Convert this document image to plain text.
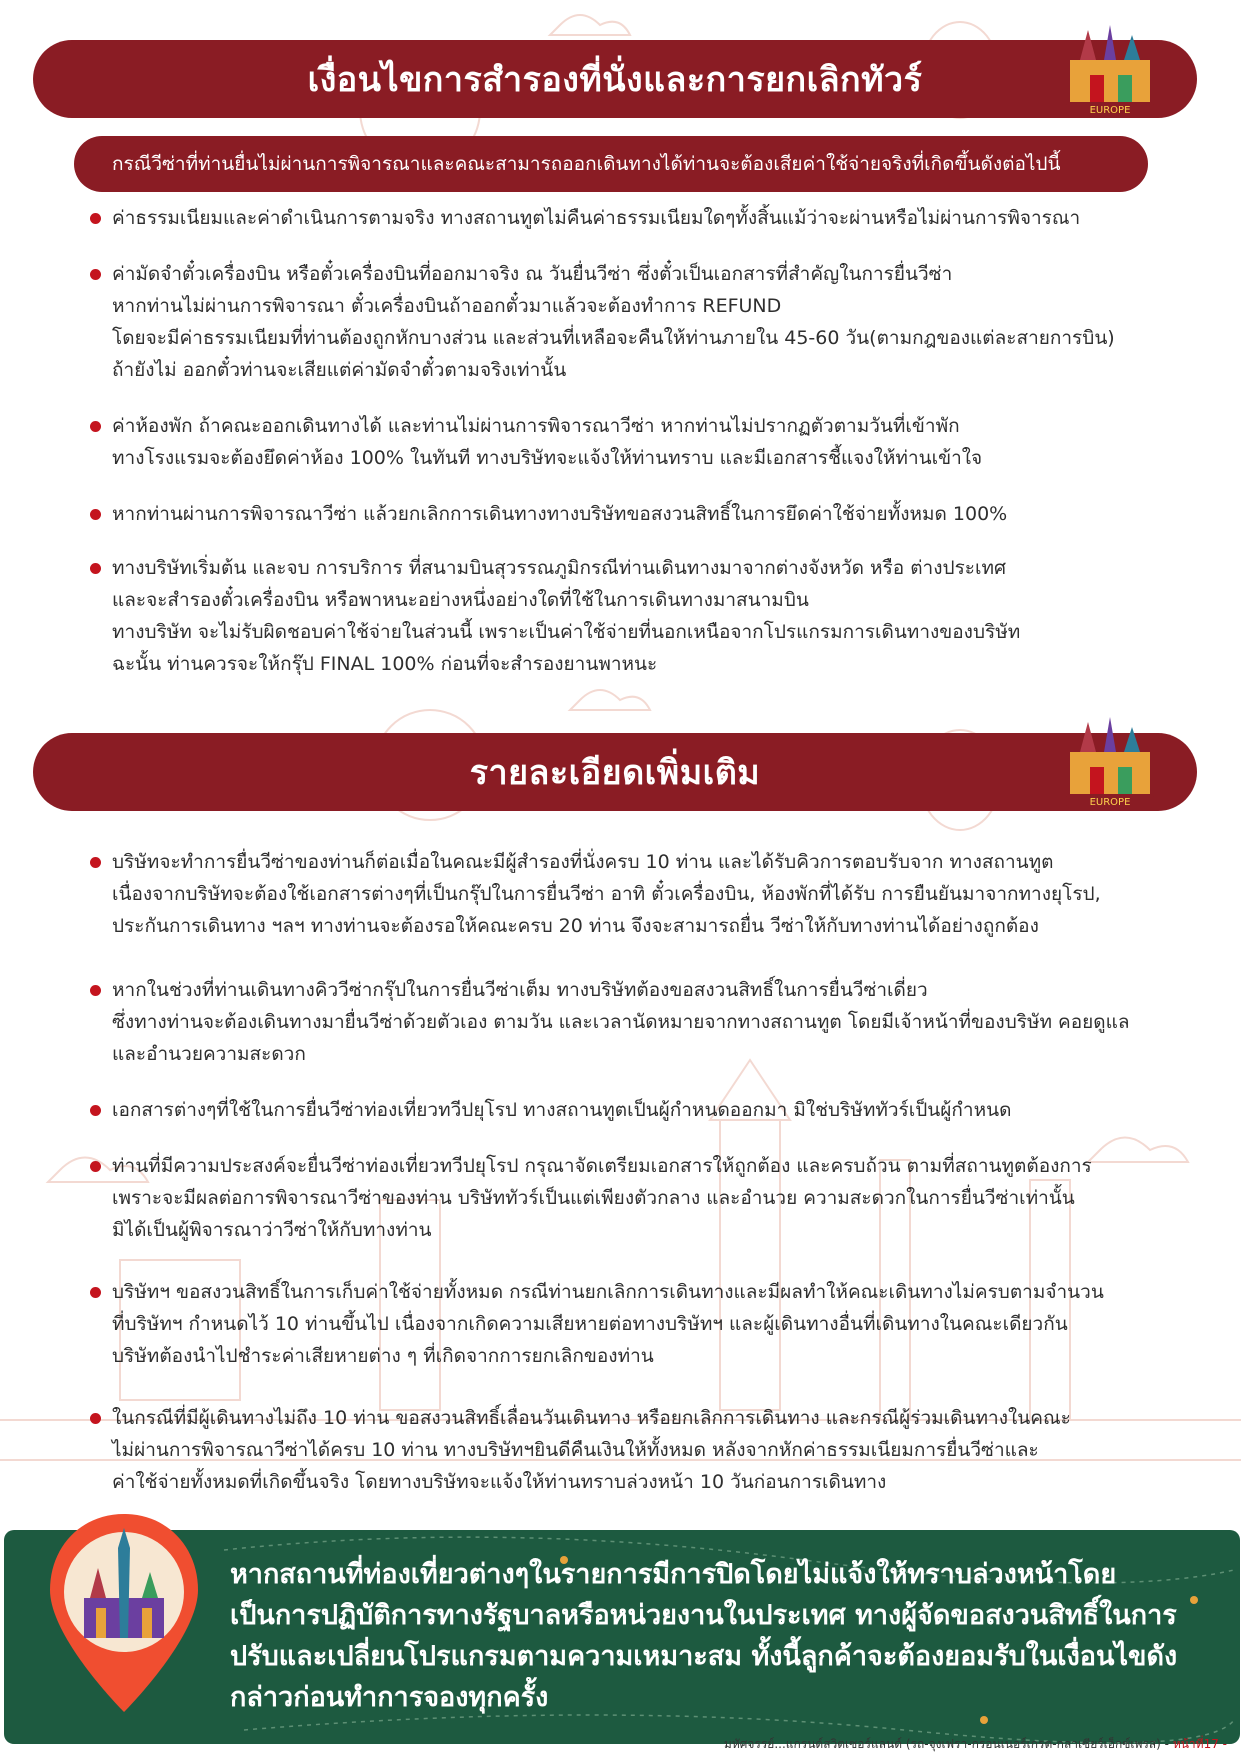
เงื่อนไขการสำรองที่นั่งและการยกเลิกทัวร์
EUROPE
กรณีวีซ่าที่ท่านยื่นไม่ผ่านการพิจารณาและคณะสามารถออกเดินทางได้ท่านจะต้องเสียค่าใช้จ่ายจริงที่เกิดขึ้นดังต่อไปนี้
ค่าธรรมเนียมและค่าดำเนินการตามจริง ทางสถานทูตไม่คืนค่าธรรมเนียมใดๆทั้งสิ้นแม้ว่าจะผ่านหรือไม่ผ่านการพิจารณา
ค่ามัดจำตั๋วเครื่องบิน หรือตั๋วเครื่องบินที่ออกมาจริง ณ วันยื่นวีซ่า ซึ่งตั๋วเป็นเอกสารที่สำคัญในการยื่นวีซ่า
หากท่านไม่ผ่านการพิจารณา ตั๋วเครื่องบินถ้าออกตั๋วมาแล้วจะต้องทำการ REFUND
โดยจะมีค่าธรรมเนียมที่ท่านต้องถูกหักบางส่วน และส่วนที่เหลือจะคืนให้ท่านภายใน 45-60 วัน(ตามกฎของแต่ละสายการบิน)
ถ้ายังไม่ ออกตั๋วท่านจะเสียแต่ค่ามัดจำตั๋วตามจริงเท่านั้น
ค่าห้องพัก ถ้าคณะออกเดินทางได้ และท่านไม่ผ่านการพิจารณาวีซ่า หากท่านไม่ปรากฏตัวตามวันที่เข้าพัก
ทางโรงแรมจะต้องยึดค่าห้อง 100% ในทันที ทางบริษัทจะแจ้งให้ท่านทราบ และมีเอกสารชี้แจงให้ท่านเข้าใจ
หากท่านผ่านการพิจารณาวีซ่า แล้วยกเลิกการเดินทางทางบริษัทขอสงวนสิทธิ์ในการยึดค่าใช้จ่ายทั้งหมด 100%
ทางบริษัทเริ่มต้น และจบ การบริการ ที่สนามบินสุวรรณภูมิกรณีท่านเดินทางมาจากต่างจังหวัด หรือ ต่างประเทศ
และจะสำรองตั๋วเครื่องบิน หรือพาหนะอย่างหนึ่งอย่างใดที่ใช้ในการเดินทางมาสนามบิน
ทางบริษัท จะไม่รับผิดชอบค่าใช้จ่ายในส่วนนี้ เพราะเป็นค่าใช้จ่ายที่นอกเหนือจากโปรแกรมการเดินทางของบริษัท
ฉะนั้น ท่านควรจะให้กรุ๊ป FINAL 100% ก่อนที่จะสำรองยานพาหนะ
รายละเอียดเพิ่มเติม
EUROPE
บริษัทจะทำการยื่นวีซ่าของท่านก็ต่อเมื่อในคณะมีผู้สำรองที่นั่งครบ 10 ท่าน และได้รับคิวการตอบรับจาก ทางสถานทูต
เนื่องจากบริษัทจะต้องใช้เอกสารต่างๆที่เป็นกรุ๊ปในการยื่นวีซ่า อาทิ ตั๋วเครื่องบิน, ห้องพักที่ได้รับ การยืนยันมาจากทางยุโรป,
ประกันการเดินทาง ฯลฯ ทางท่านจะต้องรอให้คณะครบ 20 ท่าน จึงจะสามารถยื่น วีซ่าให้กับทางท่านได้อย่างถูกต้อง
หากในช่วงที่ท่านเดินทางคิววีซ่ากรุ๊ปในการยื่นวีซ่าเต็ม ทางบริษัทต้องขอสงวนสิทธิ์ในการยื่นวีซ่าเดี่ยว
ซึ่งทางท่านจะต้องเดินทางมายื่นวีซ่าด้วยตัวเอง ตามวัน และเวลานัดหมายจากทางสถานทูต โดยมีเจ้าหน้าที่ของบริษัท คอยดูแล
และอำนวยความสะดวก
เอกสารต่างๆที่ใช้ในการยื่นวีซ่าท่องเที่ยวทวีปยุโรป ทางสถานทูตเป็นผู้กำหนดออกมา มิใช่บริษัททัวร์เป็นผู้กำหนด
ท่านที่มีความประสงค์จะยื่นวีซ่าท่องเที่ยวทวีปยุโรป กรุณาจัดเตรียมเอกสารให้ถูกต้อง และครบถ้วน ตามที่สถานทูตต้องการ
เพราะจะมีผลต่อการพิจารณาวีซ่าของท่าน บริษัททัวร์เป็นแต่เพียงตัวกลาง และอำนวย ความสะดวกในการยื่นวีซ่าเท่านั้น
มิได้เป็นผู้พิจารณาว่าวีซ่าให้กับทางท่าน
บริษัทฯ ขอสงวนสิทธิ์ในการเก็บค่าใช้จ่ายทั้งหมด กรณีท่านยกเลิกการเดินทางและมีผลทำให้คณะเดินทางไม่ครบตามจำนวน
ที่บริษัทฯ กำหนดไว้ 10 ท่านขึ้นไป เนื่องจากเกิดความเสียหายต่อทางบริษัทฯ และผู้เดินทางอื่นที่เดินทางในคณะเดียวกัน
บริษัทต้องนำไปชำระค่าเสียหายต่าง ๆ ที่เกิดจากการยกเลิกของท่าน
ในกรณีที่มีผู้เดินทางไม่ถึง 10 ท่าน ขอสงวนสิทธิ์เลื่อนวันเดินทาง หรือยกเลิกการเดินทาง และกรณีผู้ร่วมเดินทางในคณะ
ไม่ผ่านการพิจารณาวีซ่าได้ครบ 10 ท่าน ทางบริษัทฯยินดีคืนเงินให้ทั้งหมด หลังจากหักค่าธรรมเนียมการยื่นวีซ่าและ
ค่าใช้จ่ายทั้งหมดที่เกิดขึ้นจริง โดยทางบริษัทจะแจ้งให้ท่านทราบล่วงหน้า 10 วันก่อนการเดินทาง
หากสถานที่ท่องเที่ยวต่างๆในรายการมีการปิดโดยไม่แจ้งให้ทราบล่วงหน้าโดยเป็นการปฏิบัติการทางรัฐบาลหรือหน่วยงานในประเทศ ทางผู้จัดขอสงวนสิทธิ์ในการปรับและเปลี่ยนโปรแกรมตามความเหมาะสม ทั้งนี้ลูกค้าจะต้องยอมรับในเงื่อนไขดังกล่าวก่อนทำการจองทุกครั้ง
มหัศจรรย์...แกรนด์สวิตเซอร์แลนด์ (รถ-จุงเฟรา-กรอนเนอร์เกรต-กลาเซียร์เอ็กซ์เพรส) - หน้าที่17 -
